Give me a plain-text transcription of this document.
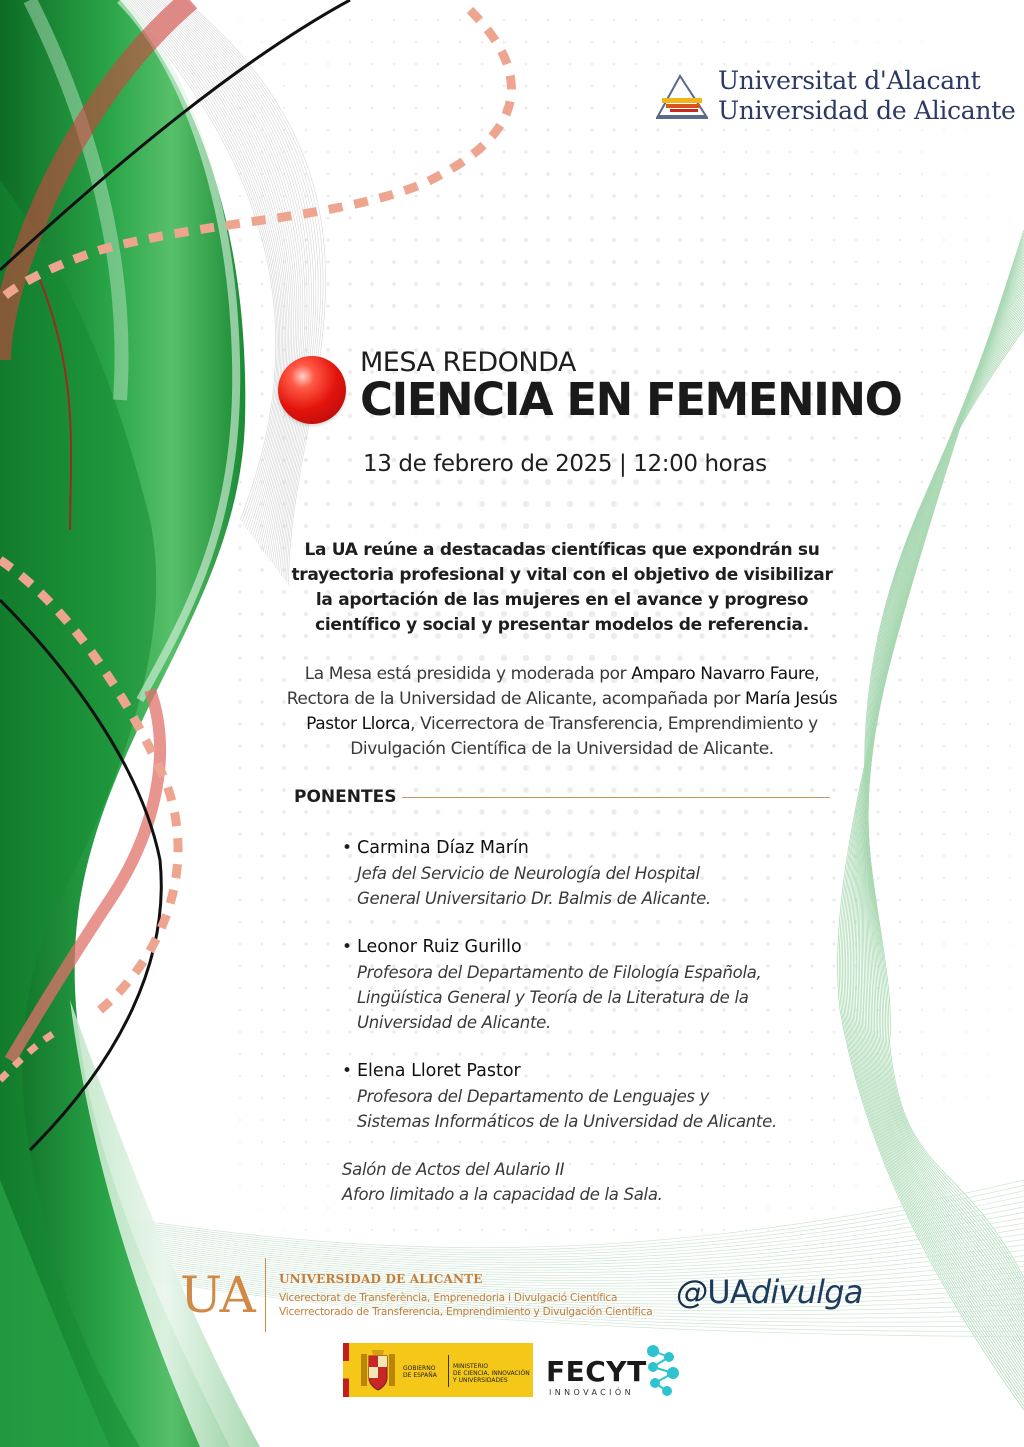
Universitat d'Alacant
Universidad de Alicante
MESA REDONDA
CIENCIA EN FEMENINO
13 de febrero de 2025 | 12:00 horas
La UA reúne a destacadas científicas que expondrán su trayectoria profesional y vital con el objetivo de visibilizar la aportación de las mujeres en el avance y progreso científico y social y presentar modelos de referencia.
La Mesa está presidida y moderada por Amparo Navarro Faure, Rectora de la Universidad de Alicante, acompañada por María Jesús Pastor Llorca, Vicerrectora de Transferencia, Emprendimiento y Divulgación Científica de la Universidad de Alicante.
PONENTES
• Carmina Díaz Marín
Jefa del Servicio de Neurología del Hospital General Universitario Dr. Balmis de Alicante.
• Leonor Ruiz Gurillo
Profesora del Departamento de Filología Española, Lingüística General y Teoría de la Literatura de la Universidad de Alicante.
• Elena Lloret Pastor
Profesora del Departamento de Lenguajes y Sistemas Informáticos de la Universidad de Alicante.
Salón de Actos del Aulario II
Aforo limitado a la capacidad de la Sala.
UA UNIVERSIDAD DE ALICANTE
Vicerectorat de Transferència, Emprenedoria i Divulgació Científica
Vicerrectorado de Transferencia, Emprendimiento y Divulgación Científica
@UAdivulga
GOBIERNO
DE ESPAÑA
MINISTERIO
DE CIENCIA, INNOVACIÓN
Y UNIVERSIDADES	FECYT
INNOVACIÓN
